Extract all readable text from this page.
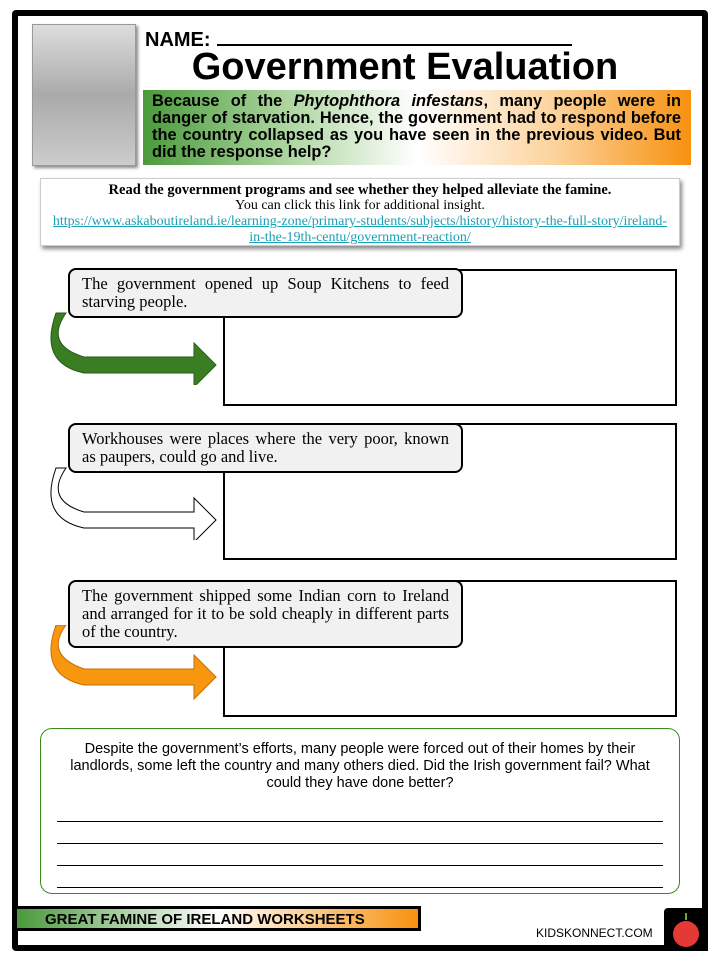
NAME:
Government Evaluation
Because of the Phytophthora infestans, many people were in danger of starvation. Hence, the government had to respond before the country collapsed as you have seen in the previous video. But did the response help?
Read the government programs and see whether they helped alleviate the famine.
You can click this link for additional insight.
https://www.askaboutireland.ie/learning-zone/primary-students/subjects/history/history-the-full-story/ireland-in-the-19th-centu/government-reaction/
The government opened up Soup Kitchens to feed starving people.
Workhouses were places where the very poor, known as paupers, could go and live.
The government shipped some Indian corn to Ireland and arranged for it to be sold cheaply in different parts of the country.
Despite the government’s efforts, many people were forced out of their homes by their landlords, some left the country and many others died. Did the Irish government fail? What could they have done better?
GREAT FAMINE OF IRELAND WORKSHEETS
KIDSKONNECT.COM
